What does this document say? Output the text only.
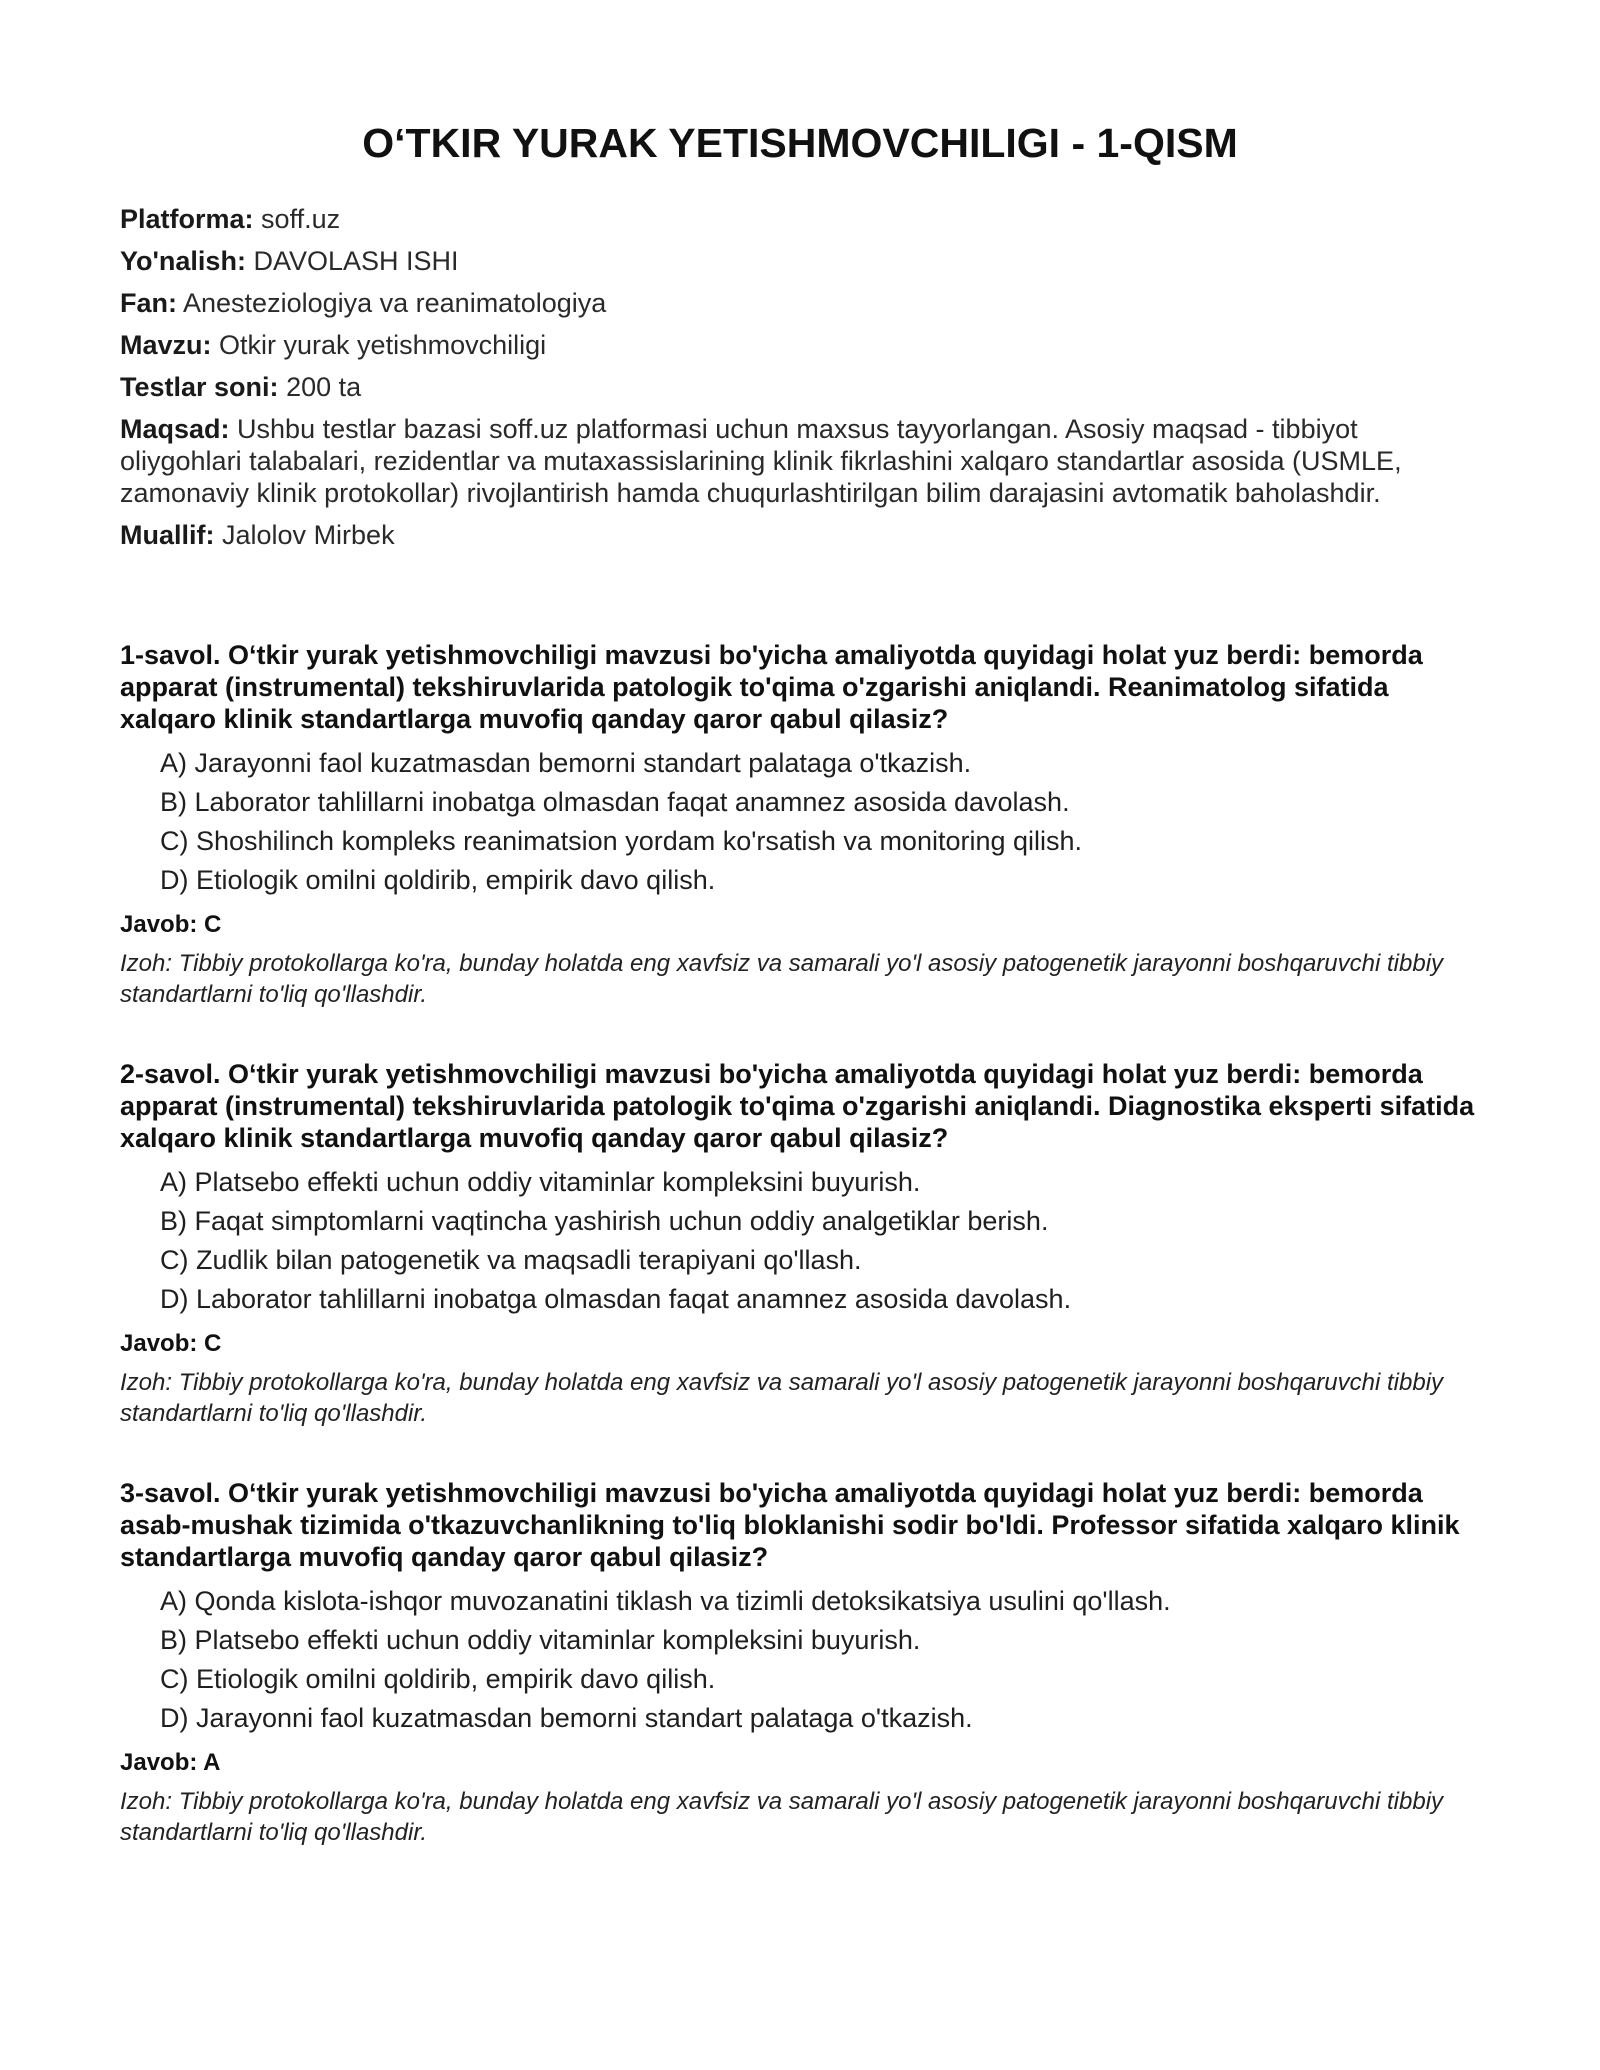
O‘TKIR YURAK YETISHMOVCHILIGI - 1-QISM

Platforma: soff.uz

Yo'nalish: DAVOLASH ISHI

Fan: Anesteziologiya va reanimatologiya

Mavzu: Otkir yurak yetishmovchiligi

Testlar soni: 200 ta

Maqsad: Ushbu testlar bazasi soff.uz platformasi uchun maxsus tayyorlangan. Asosiy maqsad - tibbiyot oliygohlari talabalari, rezidentlar va mutaxassislarining klinik fikrlashini xalqaro standartlar asosida (USMLE, zamonaviy klinik protokollar) rivojlantirish hamda chuqurlashtirilgan bilim darajasini avtomatik baholashdir.

Muallif: Jalolov Mirbek

1-savol. O‘tkir yurak yetishmovchiligi mavzusi bo'yicha amaliyotda quyidagi holat yuz berdi: bemorda apparat (instrumental) tekshiruvlarida patologik to'qima o'zgarishi aniqlandi. Reanimatolog sifatida xalqaro klinik standartlarga muvofiq qanday qaror qabul qilasiz?

A) Jarayonni faol kuzatmasdan bemorni standart palataga o'tkazish.
B) Laborator tahlillarni inobatga olmasdan faqat anamnez asosida davolash.
C) Shoshilinch kompleks reanimatsion yordam ko'rsatish va monitoring qilish.
D) Etiologik omilni qoldirib, empirik davo qilish.

Javob: C

Izoh: Tibbiy protokollarga ko'ra, bunday holatda eng xavfsiz va samarali yo'l asosiy patogenetik jarayonni boshqaruvchi tibbiy standartlarni to'liq qo'llashdir.

2-savol. O‘tkir yurak yetishmovchiligi mavzusi bo'yicha amaliyotda quyidagi holat yuz berdi: bemorda apparat (instrumental) tekshiruvlarida patologik to'qima o'zgarishi aniqlandi. Diagnostika eksperti sifatida xalqaro klinik standartlarga muvofiq qanday qaror qabul qilasiz?

A) Platsebo effekti uchun oddiy vitaminlar kompleksini buyurish.
B) Faqat simptomlarni vaqtincha yashirish uchun oddiy analgetiklar berish.
C) Zudlik bilan patogenetik va maqsadli terapiyani qo'llash.
D) Laborator tahlillarni inobatga olmasdan faqat anamnez asosida davolash.

Javob: C

Izoh: Tibbiy protokollarga ko'ra, bunday holatda eng xavfsiz va samarali yo'l asosiy patogenetik jarayonni boshqaruvchi tibbiy standartlarni to'liq qo'llashdir.

3-savol. O‘tkir yurak yetishmovchiligi mavzusi bo'yicha amaliyotda quyidagi holat yuz berdi: bemorda asab-mushak tizimida o'tkazuvchanlikning to'liq bloklanishi sodir bo'ldi. Professor sifatida xalqaro klinik standartlarga muvofiq qanday qaror qabul qilasiz?

A) Qonda kislota-ishqor muvozanatini tiklash va tizimli detoksikatsiya usulini qo'llash.
B) Platsebo effekti uchun oddiy vitaminlar kompleksini buyurish.
C) Etiologik omilni qoldirib, empirik davo qilish.
D) Jarayonni faol kuzatmasdan bemorni standart palataga o'tkazish.

Javob: A

Izoh: Tibbiy protokollarga ko'ra, bunday holatda eng xavfsiz va samarali yo'l asosiy patogenetik jarayonni boshqaruvchi tibbiy standartlarni to'liq qo'llashdir.
